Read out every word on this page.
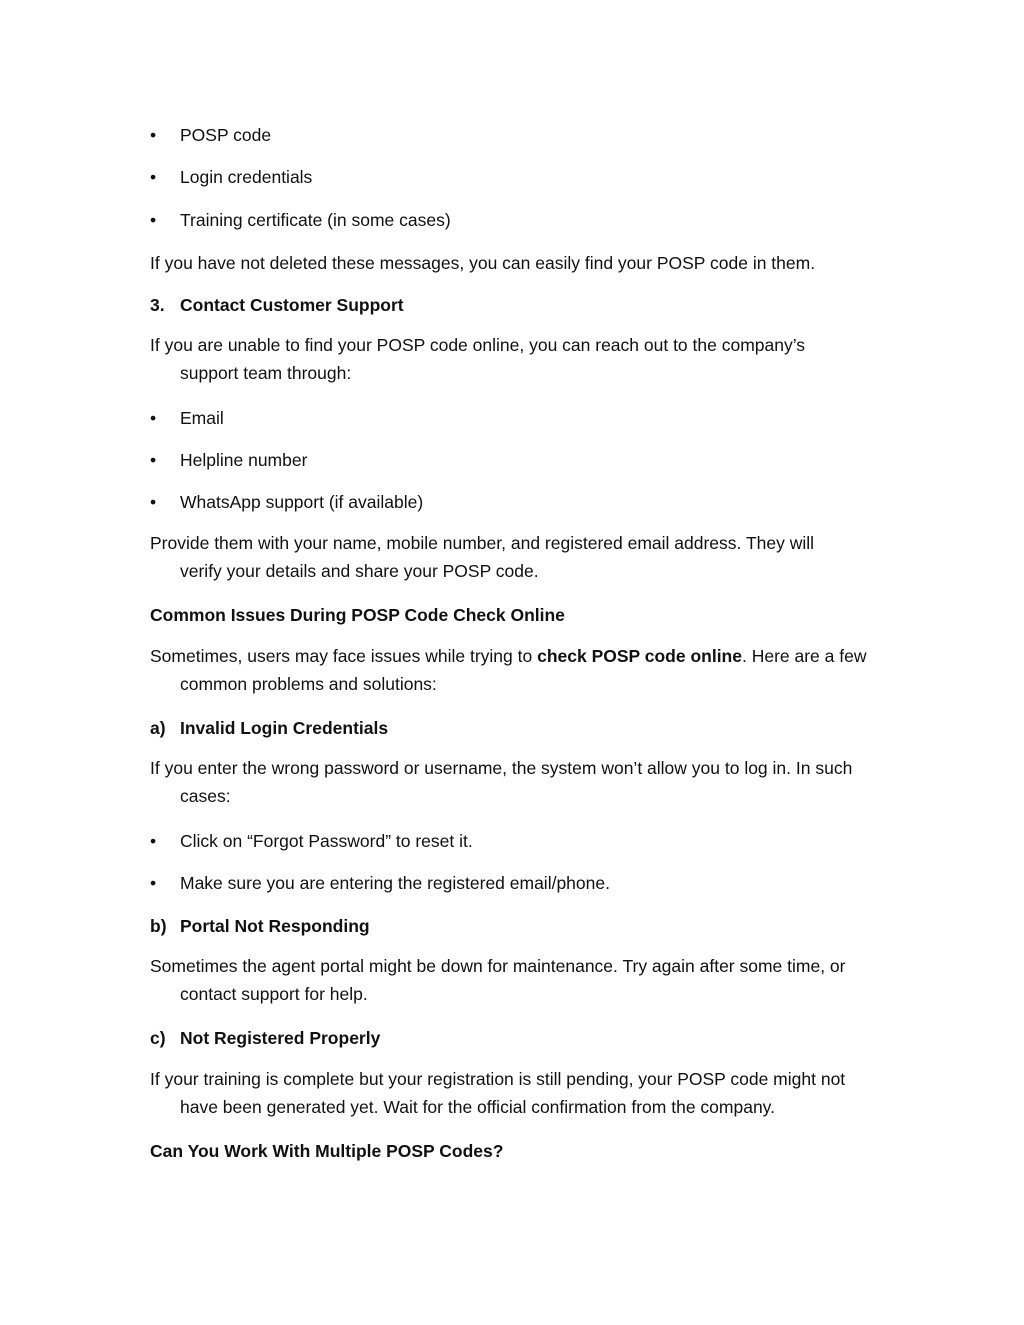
•	POSP code
•	Login credentials
•	Training certificate (in some cases)
If you have not deleted these messages, you can easily find your POSP code in them.
3. Contact Customer Support
If you are unable to find your POSP code online, you can reach out to the company’s
support team through:
•	Email
•	Helpline number
•	WhatsApp support (if available)
Provide them with your name, mobile number, and registered email address. They will
verify your details and share your POSP code.
Common Issues During POSP Code Check Online
Sometimes, users may face issues while trying to check POSP code online. Here are a few
common problems and solutions:
a) Invalid Login Credentials
If you enter the wrong password or username, the system won’t allow you to log in. In such
cases:
•	Click on “Forgot Password” to reset it.
•	Make sure you are entering the registered email/phone.
b) Portal Not Responding
Sometimes the agent portal might be down for maintenance. Try again after some time, or
contact support for help.
c) Not Registered Properly
If your training is complete but your registration is still pending, your POSP code might not
have been generated yet. Wait for the official confirmation from the company.
Can You Work With Multiple POSP Codes?
